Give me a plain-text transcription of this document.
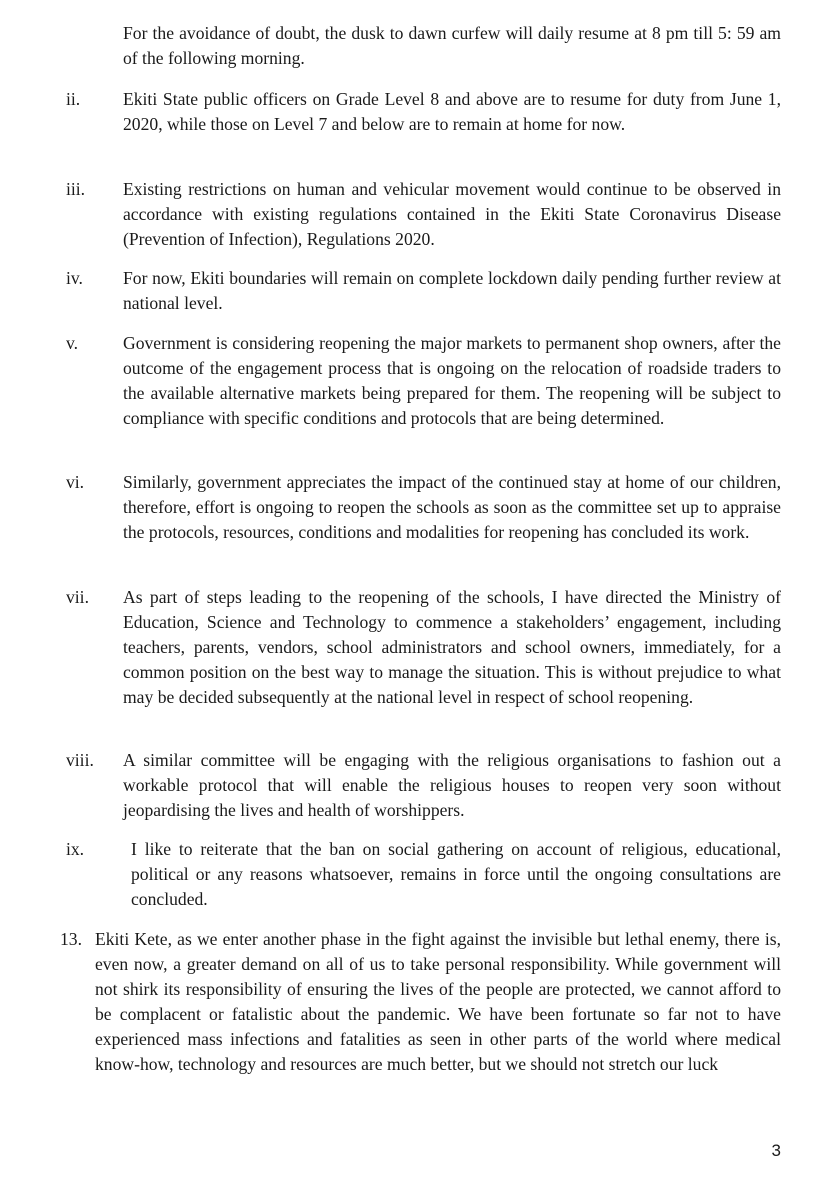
For the avoidance of doubt, the dusk to dawn curfew will daily resume at 8 pm till 5: 59 am of the following morning.
ii. Ekiti State public officers on Grade Level 8 and above are to resume for duty from June 1, 2020, while those on Level 7 and below are to remain at home for now.
iii. Existing restrictions on human and vehicular movement would continue to be observed in accordance with existing regulations contained in the Ekiti State Coronavirus Disease (Prevention of Infection), Regulations 2020.
iv. For now, Ekiti boundaries will remain on complete lockdown daily pending further review at national level.
v.	Government is considering reopening the major markets to permanent shop owners, after the outcome of the engagement process that is ongoing on the relocation of roadside traders to the available alternative markets being prepared for them. The reopening will be subject to compliance with specific conditions and protocols that are being determined.
vi. Similarly, government appreciates the impact of the continued stay at home of our children, therefore, effort is ongoing to reopen the schools as soon as the committee set up to appraise the protocols, resources, conditions and modalities for reopening has concluded its work.
vii. As part of steps leading to the reopening of the schools, I have directed the Ministry of Education, Science and Technology to commence a stakeholders’ engagement, including teachers, parents, vendors, school administrators and school owners, immediately, for a common position on the best way to manage the situation. This is without prejudice to what may be decided subsequently at the national level in respect of school reopening.
viii. A similar committee will be engaging with the religious organisations to fashion out a workable protocol that will enable the religious houses to reopen very soon without jeopardising the lives and health of worshippers.
ix.	I like to reiterate that the ban on social gathering on account of religious, educational, political or any reasons whatsoever, remains in force until the ongoing consultations are concluded.
13. Ekiti Kete, as we enter another phase in the fight against the invisible but lethal enemy, there is, even now, a greater demand on all of us to take personal responsibility. While government will not shirk its responsibility of ensuring the lives of the people are protected, we cannot afford to be complacent or fatalistic about the pandemic. We have been fortunate so far not to have experienced mass infections and fatalities as seen in other parts of the world where medical know-how, technology and resources are much better, but we should not stretch our luck
3
